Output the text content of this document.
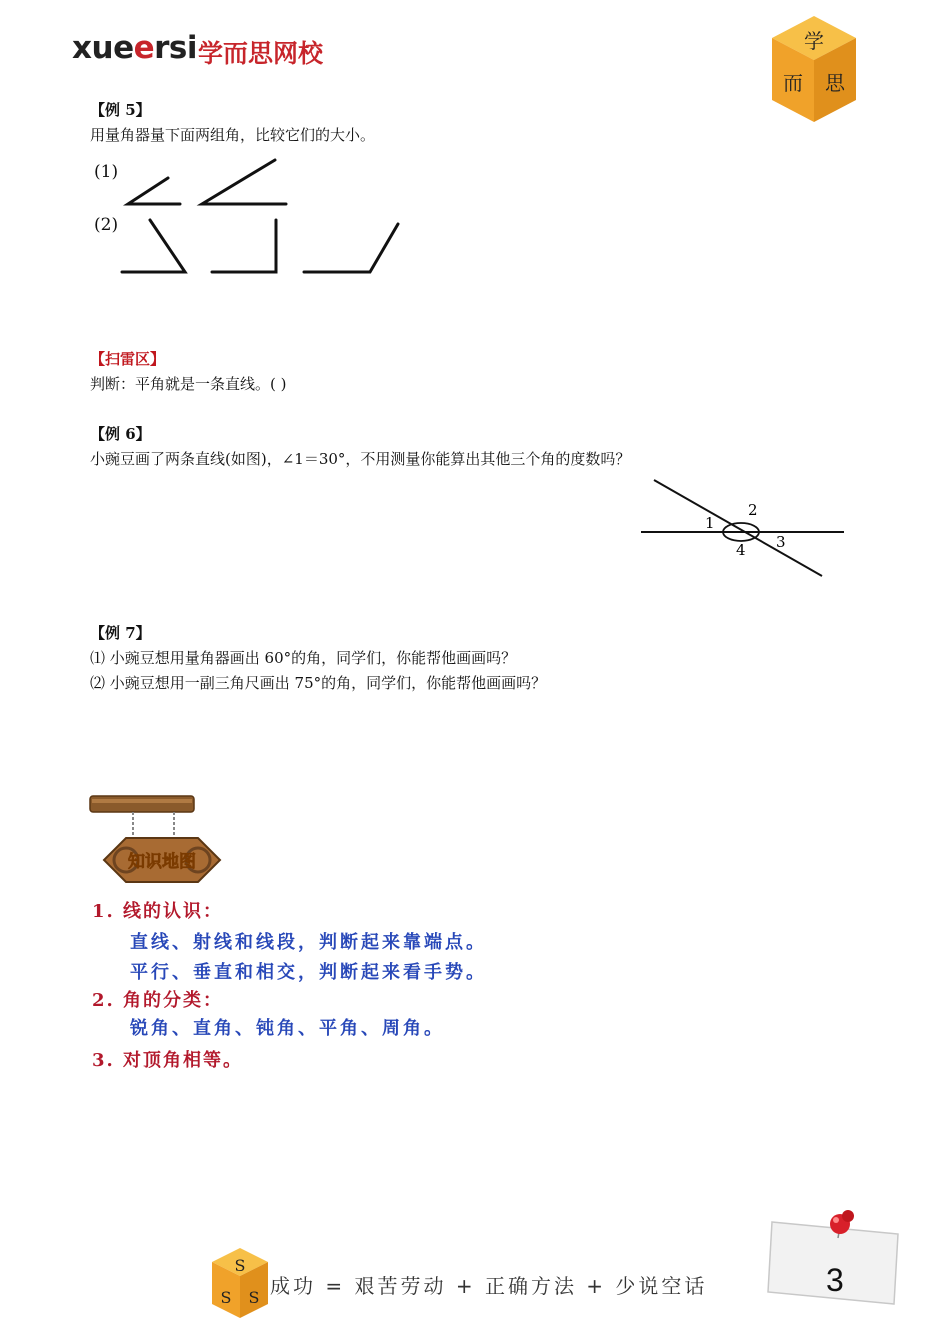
xueersi 学而思网校	学
而 思
【例 5】
用量角器量下面两组角，比较它们的大小。
(1)
(2)
【扫雷区】
判断：平角就是一条直线。( )
【例 6】
小豌豆画了两条直线(如图)，∠1＝30°，不用测量你能算出其他三个角的度数吗？
1
2
3
4
【例 7】
⑴ 小豌豆想用量角器画出 60°的角，同学们，你能帮他画画吗？
⑵ 小豌豆想用一副三角尺画出 75°的角，同学们，你能帮他画画吗？
知识地图
1. 线的认识：
直线、射线和线段，判断起来靠端点。
平行、垂直和相交，判断起来看手势。
2. 角的分类：
锐角、直角、钝角、平角、周角。
3. 对顶角相等。
S
S S 成功 = 艰苦劳动 + 正确方法 + 少说空话	3
